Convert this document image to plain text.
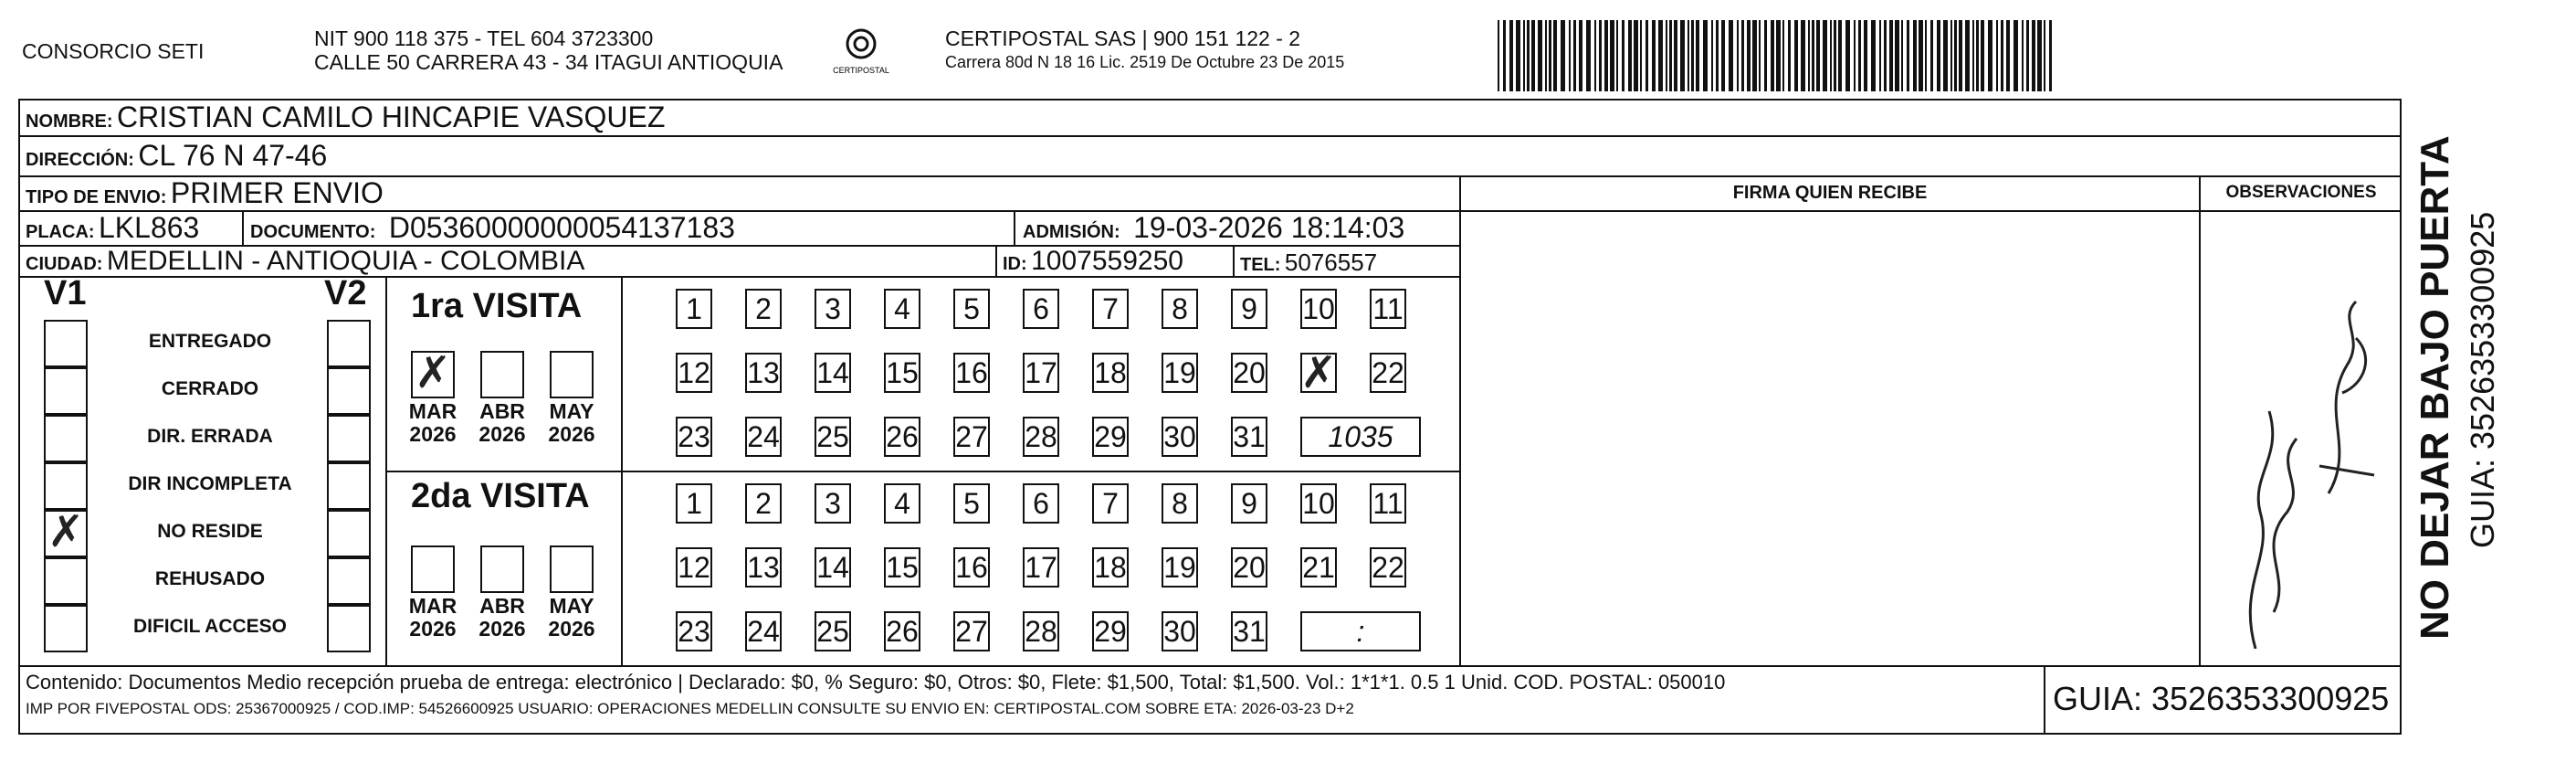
CONSORCIO SETI
NIT 900 118 375 - TEL 604 3723300
CALLE 50 CARRERA 43 - 34 ITAGUI ANTIOQUIA	CERTIPOSTAL
CERTIPOSTAL SAS | 900 151 122 - 2
Carrera 80d N 18 16 Lic. 2519 De Octubre 23 De 2015
NOMBRE: CRISTIAN CAMILO HINCAPIE VASQUEZ
DIRECCIÓN: CL 76 N 47-46
TIPO DE ENVIO: PRIMER ENVIO	FIRMA QUIEN RECIBE	OBSERVACIONES
PLACA: LKL863	DOCUMENTO: D05360000000054137183	ADMISIÓN: 19-03-2026 18:14:03
CIUDAD: MEDELLIN - ANTIOQUIA - COLOMBIA	ID: 1007559250	TEL: 5076557
V1	V2
ENTREGADO
CERRADO
DIR. ERRADA
DIR INCOMPLETA
✗	NO RESIDE
REHUSADO
DIFICIL ACCESO
1ra VISITA
2da VISITA
✗
MAR
2026
ABR
2026
MAY
2026
1	2	3	4	5	6	7	8	9	10 11
12 13 14 15 16 17 18 19 20 ✗ 22
23 24 25 26 27 28 29 30 31	1035
MAR
2026
ABR
2026
MAY
2026
1	2	3	4	5	6	7	8	9	10 11
12 13 14 15 16 17 18 19 20 21 22
23 24 25 26 27 28 29 30 31	:
Contenido: Documentos Medio recepción prueba de entrega: electrónico | Declarado: $0, % Seguro: $0, Otros: $0, Flete: $1,500, Total: $1,500. Vol.: 1*1*1. 0.5 1 Unid. COD. POSTAL: 050010
IMP POR FIVEPOSTAL ODS: 25367000925 / COD.IMP: 54526600925 USUARIO: OPERACIONES MEDELLIN CONSULTE SU ENVIO EN: CERTIPOSTAL.COM SOBRE ETA: 2026-03-23 D+2	GUIA: 3526353300925
NO DEJAR BAJO PUERTA GUIA: 3526353300925
